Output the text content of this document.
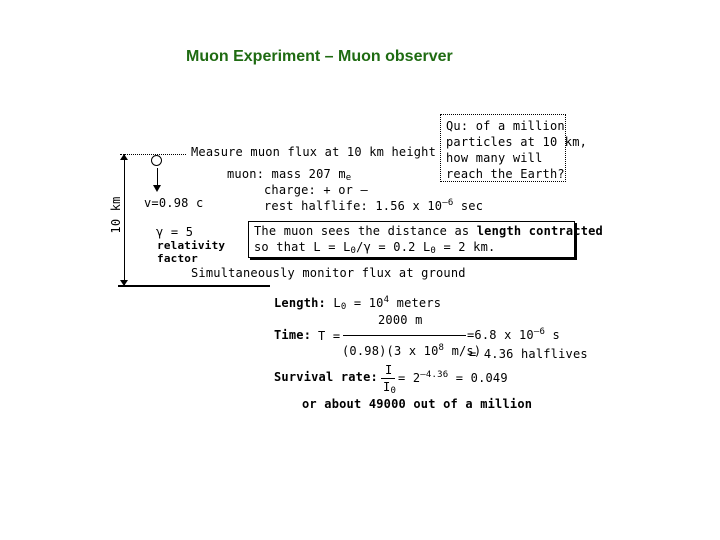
Muon Experiment – Muon observer
10 km
Measure muon flux at 10 km height
v=0.98 c
γ = 5
relativity
factor
Qu: of a million
particles at 10 km,
how many will
reach the Earth?
muon: mass 207 $m_e$
charge: + or –
rest halflife: 1.56 x $10^{-6}$ sec
The muon sees the distance as length contracted
so that $L = L_0/\gamma = 0.2$ $L_0 = 2$ km.
Simultaneously monitor flux at ground
Length: $L_0 = 10^4$ meters
Time: T =
2000 m
=6.8 x $10^{-6}$ s
(0.98)(3 x $10^8$ m/s)
= 4.36 halflives
Survival rate: I
$I_0$
= $2^{-4.36} = 0.049$
or about 49000 out of a million
